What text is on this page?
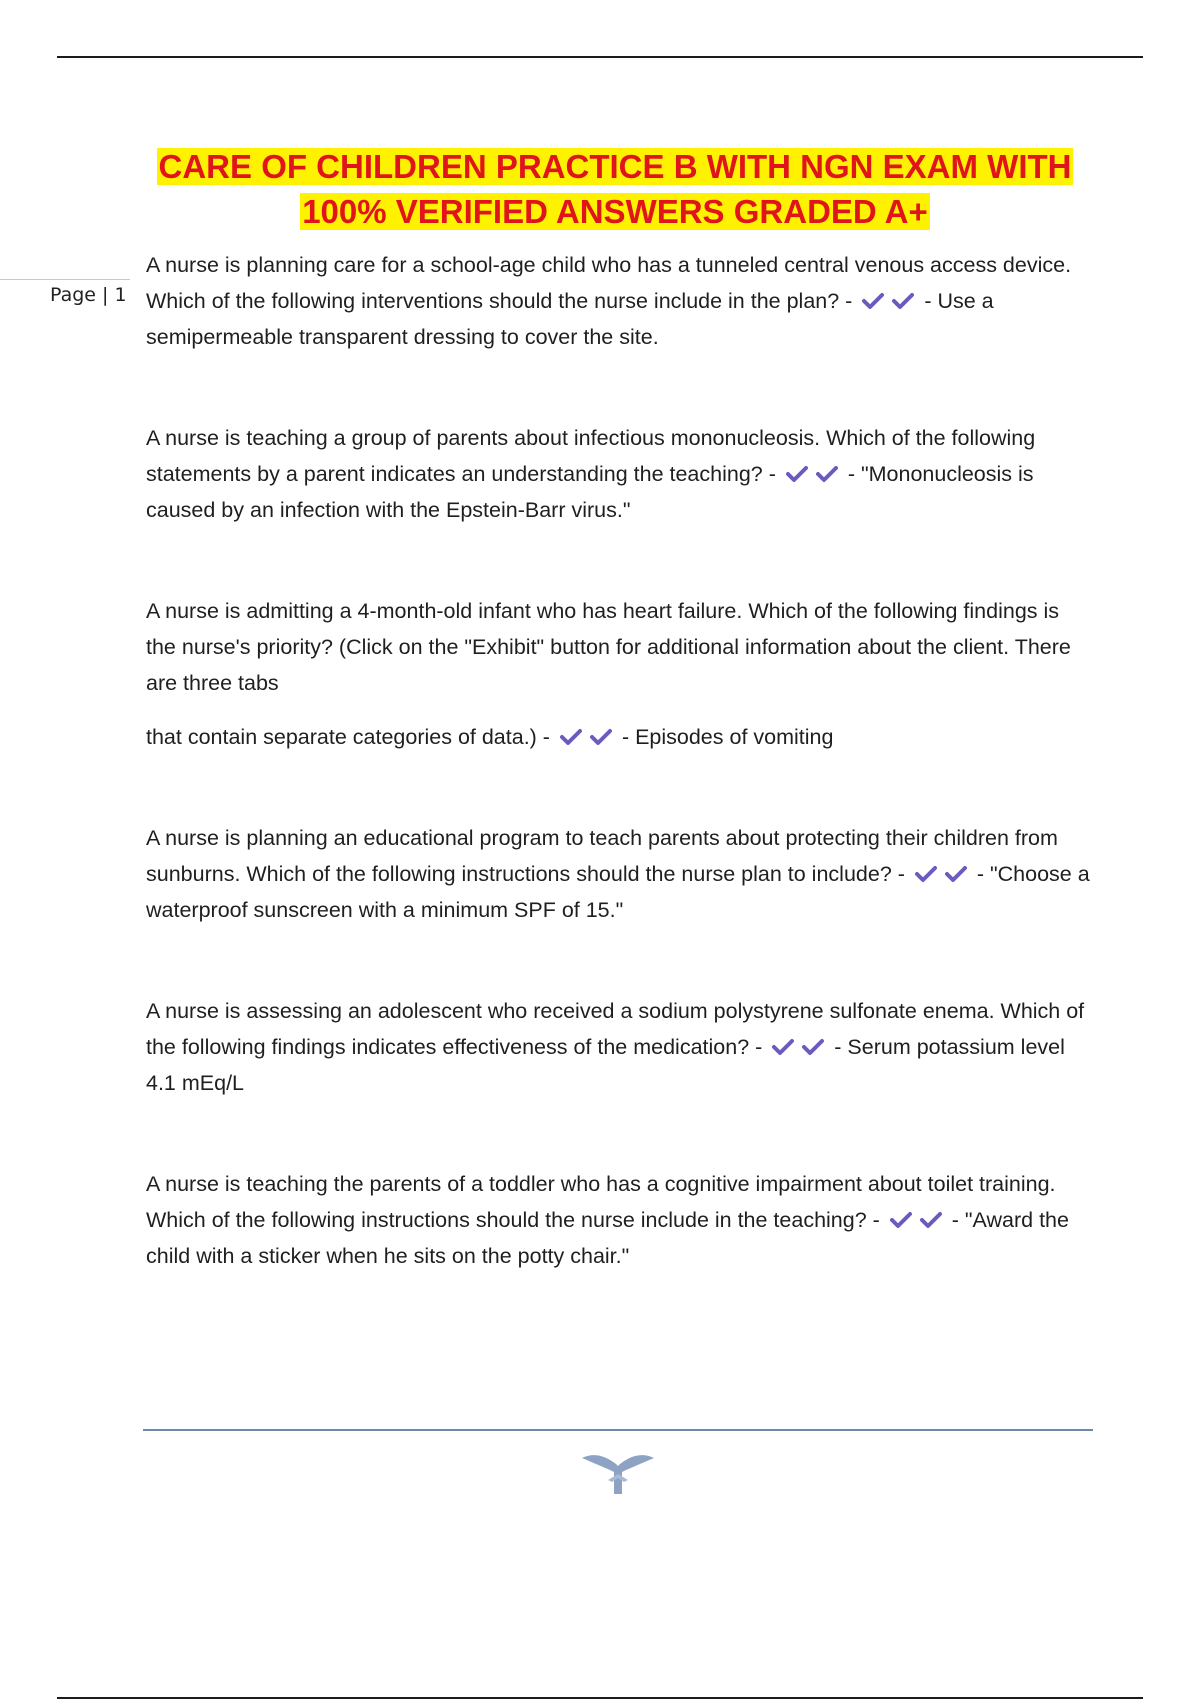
Page | 1
CARE OF CHILDREN PRACTICE B WITH NGN EXAM WITH
100% VERIFIED ANSWERS GRADED A+

A nurse is planning care for a school-age child who has a tunneled central venous access device. Which of the following interventions should the nurse include in the plan? -	- Use a semipermeable transparent dressing to cover the site.

A nurse is teaching a group of parents about infectious mononucleosis. Which of the following statements by a parent indicates an understanding the teaching? -	- "Mononucleosis is caused by an infection with the Epstein-Barr virus."

A nurse is admitting a 4-month-old infant who has heart failure. Which of the following findings is the nurse's priority? (Click on the "Exhibit" button for additional information about the client. There are three tabs
that contain separate categories of data.) -	- Episodes of vomiting

A nurse is planning an educational program to teach parents about protecting their children from sunburns. Which of the following instructions should the nurse plan to include? -	- "Choose a waterproof sunscreen with a minimum SPF of 15."

A nurse is assessing an adolescent who received a sodium polystyrene sulfonate enema. Which of the following findings indicates effectiveness of the medication? -	- Serum potassium level 4.1 mEq/L

A nurse is teaching the parents of a toddler who has a cognitive impairment about toilet training. Which of the following instructions should the nurse include in the teaching? -	- "Award the child with a sticker when he sits on the potty chair."
